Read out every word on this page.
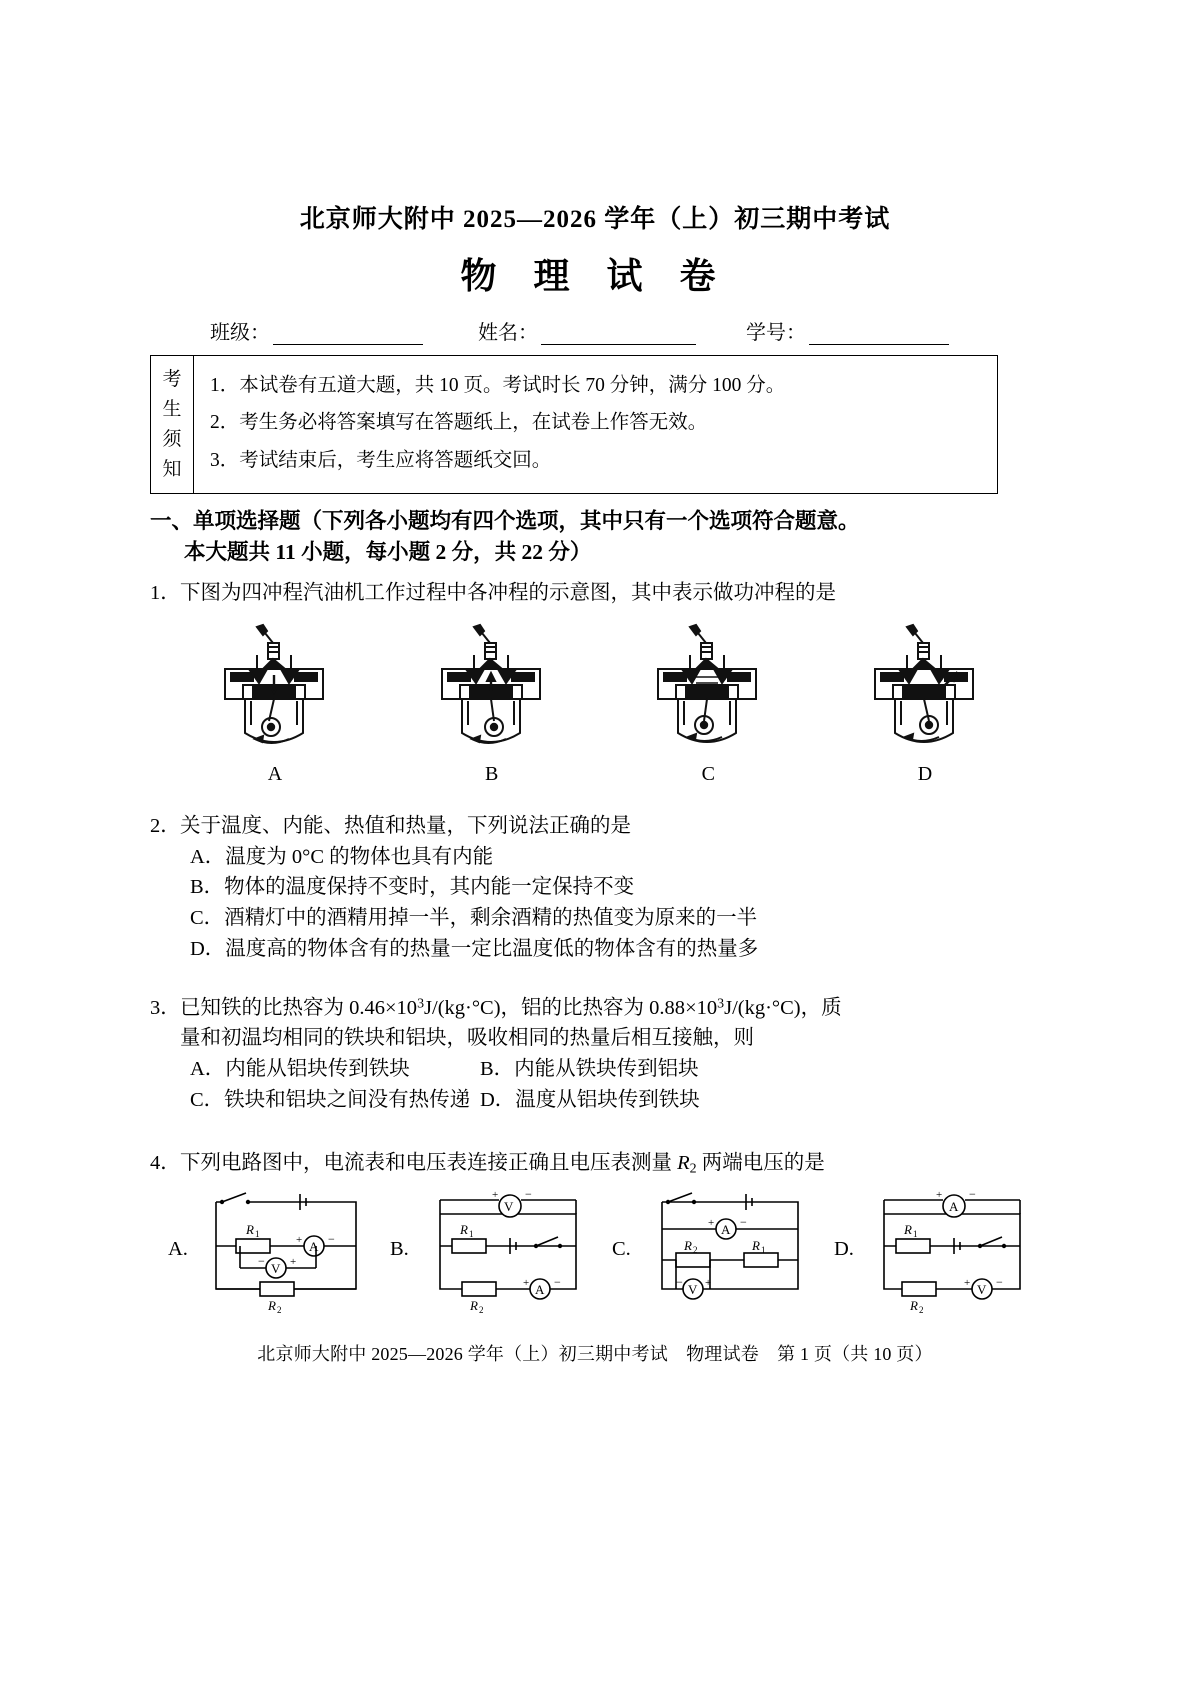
北京师大附中 2025—2026 学年（上）初三期中考试
物 理 试 卷
班级：	姓名：	学号：
考
生
须
知
1．本试卷有五道大题，共 10 页。考试时长 70 分钟，满分 100 分。
2．考生务必将答案填写在答题纸上，在试卷上作答无效。
3．考试结束后，考生应将答题纸交回。
一、单项选择题（下列各小题均有四个选项，其中只有一个选项符合题意。
本大题共 11 小题，每小题 2 分，共 22 分）
1． 下图为四冲程汽油机工作过程中各冲程的示意图，其中表示做功冲程的是
A	B	C	D
2． 关于温度、内能、热值和热量，下列说法正确的是
A．温度为 0°C 的物体也具有内能
B．物体的温度保持不变时，其内能一定保持不变
C．酒精灯中的酒精用掉一半，剩余酒精的热值变为原来的一半
D．温度高的物体含有的热量一定比温度低的物体含有的热量多
3． 已知铁的比热容为 $0.46\times 10^3J/(kg\cdot^\circ C)$，铝的比热容为 $0.88\times 10^3J/(kg\cdot^\circ C)$，质
量和初温均相同的铁块和铝块，吸收相同的热量后相互接触，则
A．内能从铝块传到铁块	B．内能从铁块传到铝块
C．铁块和铝块之间没有热传递 D．温度从铝块传到铁块
4． 下列电路图中，电流表和电压表连接正确且电压表测量 $R_2$ 两端电压的是
A.
R 1
A
+ −
V
− +
R 2
B.
V
+ −
R 1
A
+ −
R 2
C.
A
+ −
R 2	R 1
V
− +
D.
A
+ −
R 1
V
+ −
R 2
北京师大附中 2025—2026 学年（上）初三期中考试　物理试卷　第 1 页（共 10 页）
